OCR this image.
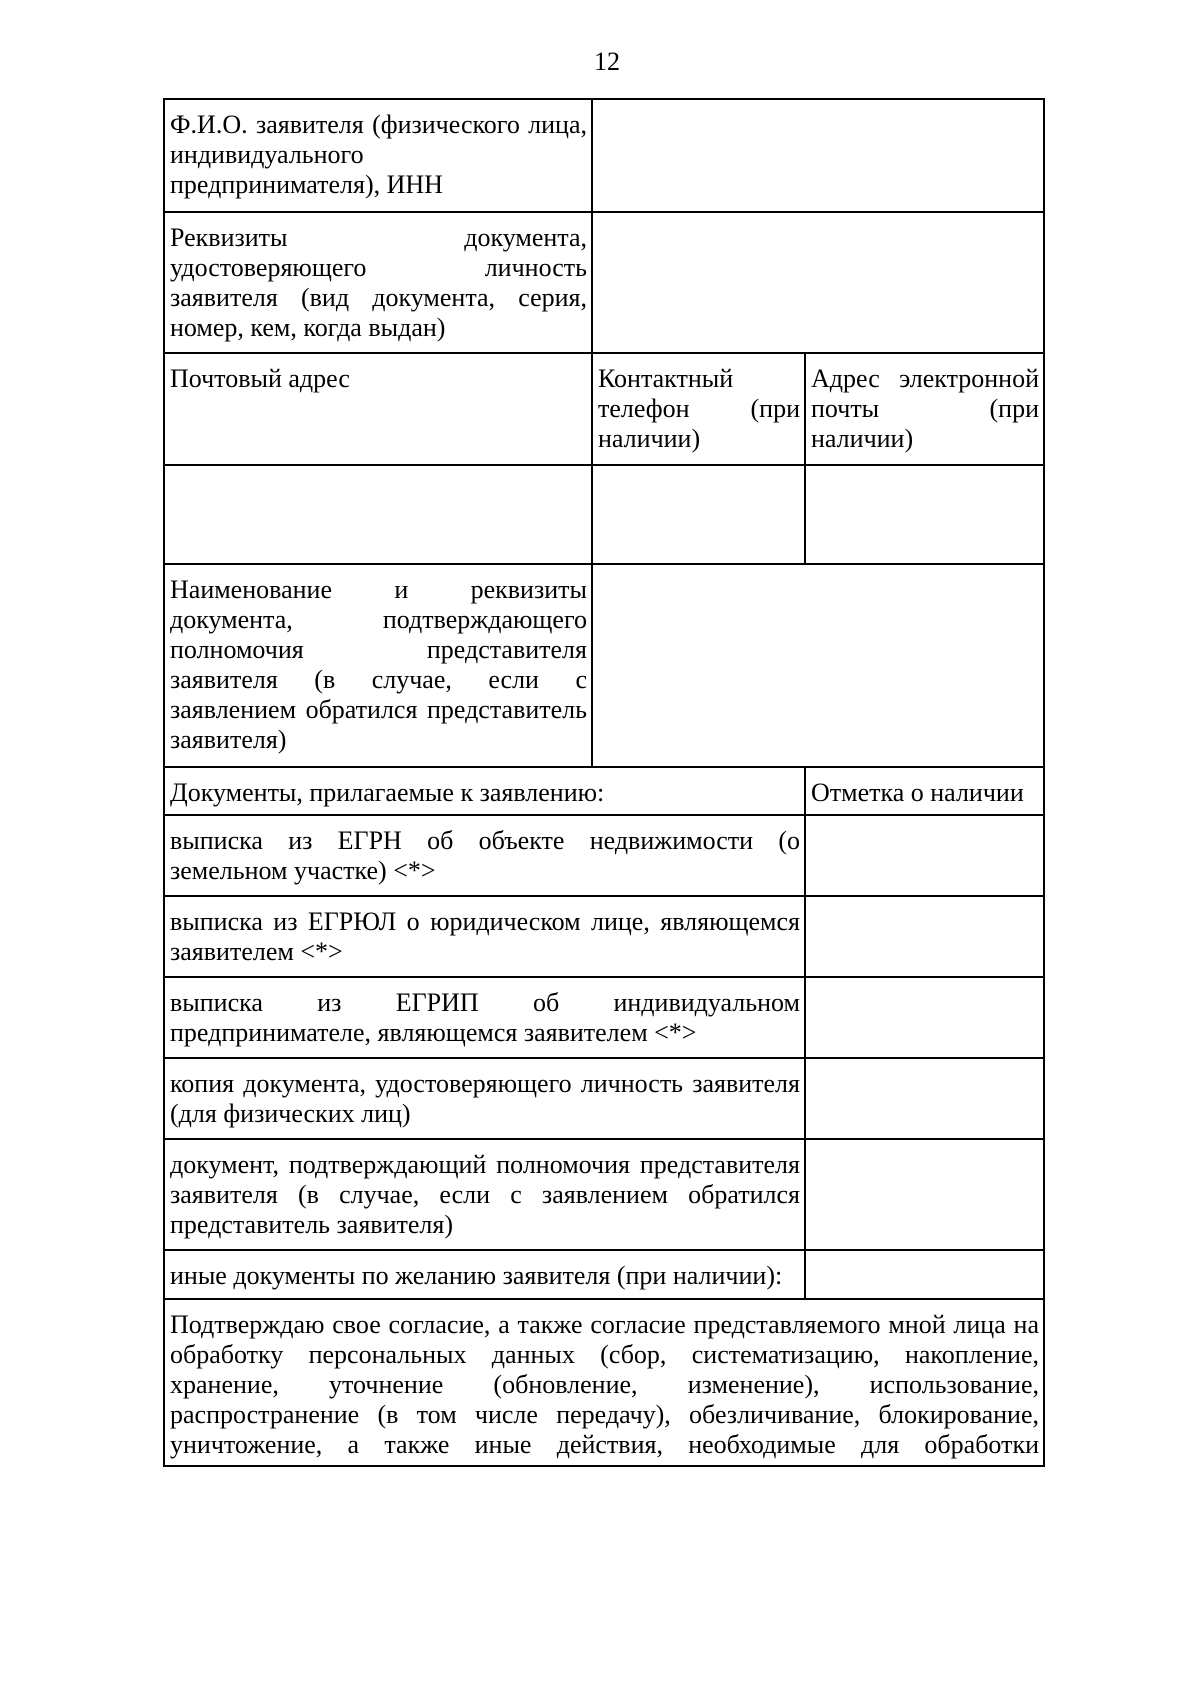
12
Ф.И.О. заявителя (физического лица,
индивидуального
предпринимателя), ИНН
Реквизиты документа,
удостоверяющего личность
заявителя (вид документа, серия,
номер, кем, когда выдан)
Почтовый адрес	Контактный
телефон (при
наличии)
Адрес электронной
почты (при
наличии)
Наименование и реквизиты
документа, подтверждающего
полномочия представителя
заявителя (в случае, если с
заявлением обратился представитель
заявителя)
Документы, прилагаемые к заявлению:	Отметка о наличии
выписка из ЕГРН об объекте недвижимости (о
земельном участке) <*>
выписка из ЕГРЮЛ о юридическом лице, являющемся
заявителем <*>
выписка из ЕГРИП об индивидуальном
предпринимателе, являющемся заявителем <*>
копия документа, удостоверяющего личность заявителя
(для физических лиц)
документ, подтверждающий полномочия представителя
заявителя (в случае, если с заявлением обратился
представитель заявителя)
иные документы по желанию заявителя (при наличии):
Подтверждаю свое согласие, а также согласие представляемого мной лица на
обработку персональных данных (сбор, систематизацию, накопление,
хранение, уточнение (обновление, изменение), использование,
распространение (в том числе передачу), обезличивание, блокирование,
уничтожение, а также иные действия, необходимые для обработки
